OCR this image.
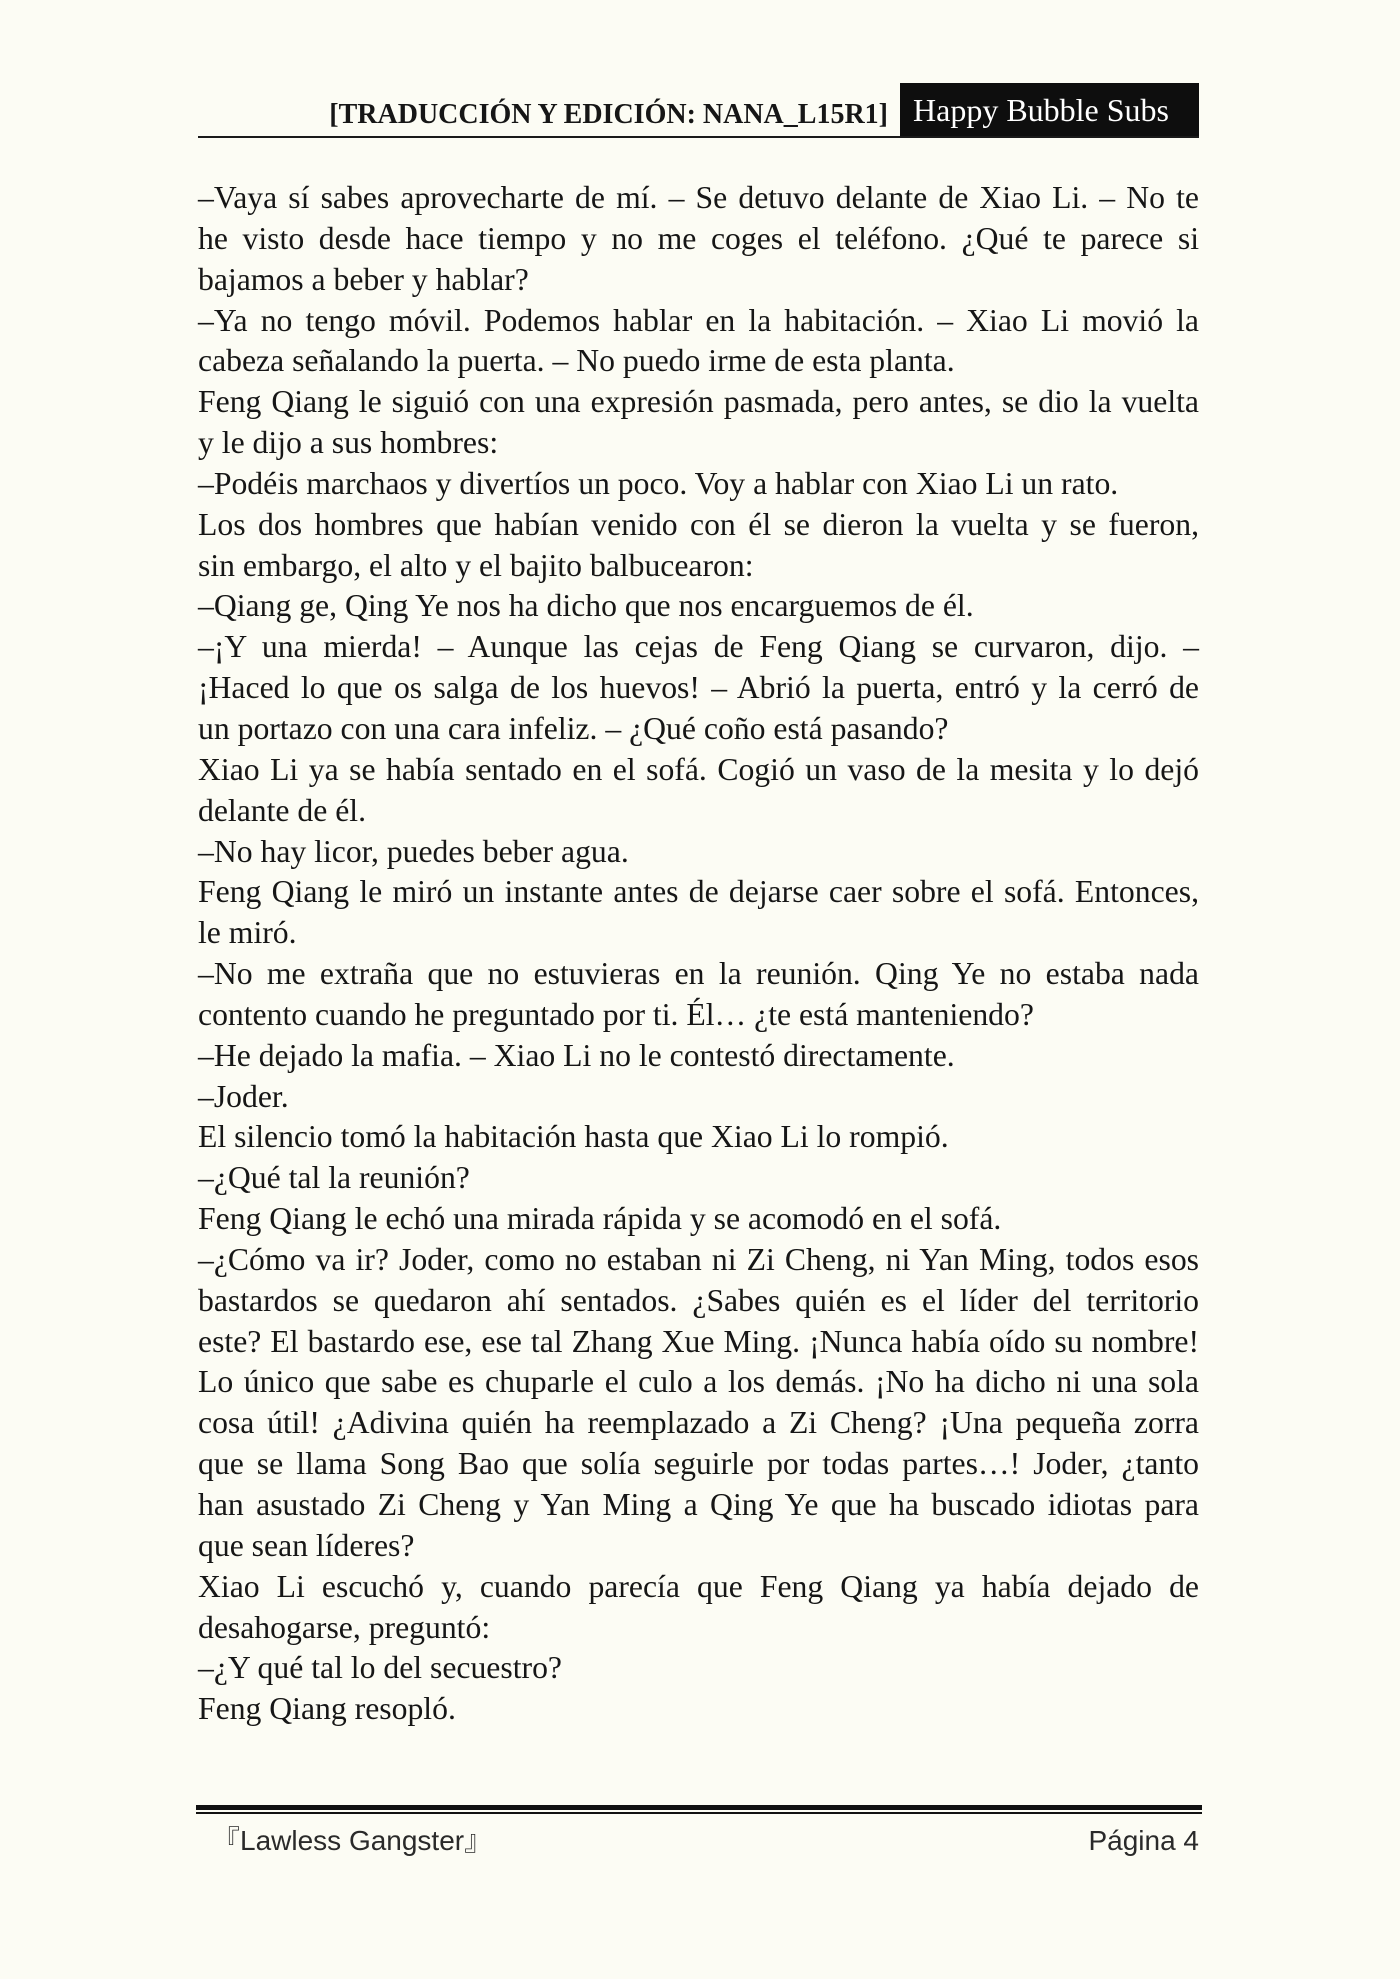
[TRADUCCIÓN Y EDICIÓN: NANA_L15R1] Happy Bubble Subs
–Vaya sí sabes aprovecharte de mí. – Se detuvo delante de Xiao Li. – No te
he visto desde hace tiempo y no me coges el teléfono. ¿Qué te parece si
bajamos a beber y hablar?
–Ya no tengo móvil. Podemos hablar en la habitación. – Xiao Li movió la
cabeza señalando la puerta. – No puedo irme de esta planta.
Feng Qiang le siguió con una expresión pasmada, pero antes, se dio la vuelta
y le dijo a sus hombres:
–Podéis marchaos y divertíos un poco. Voy a hablar con Xiao Li un rato.
Los dos hombres que habían venido con él se dieron la vuelta y se fueron,
sin embargo, el alto y el bajito balbucearon:
–Qiang ge, Qing Ye nos ha dicho que nos encarguemos de él.
–¡Y una mierda! – Aunque las cejas de Feng Qiang se curvaron, dijo. –
¡Haced lo que os salga de los huevos! – Abrió la puerta, entró y la cerró de
un portazo con una cara infeliz. – ¿Qué coño está pasando?
Xiao Li ya se había sentado en el sofá. Cogió un vaso de la mesita y lo dejó
delante de él.
–No hay licor, puedes beber agua.
Feng Qiang le miró un instante antes de dejarse caer sobre el sofá. Entonces,
le miró.
–No me extraña que no estuvieras en la reunión. Qing Ye no estaba nada
contento cuando he preguntado por ti. Él… ¿te está manteniendo?
–He dejado la mafia. – Xiao Li no le contestó directamente.
–Joder.
El silencio tomó la habitación hasta que Xiao Li lo rompió.
–¿Qué tal la reunión?
Feng Qiang le echó una mirada rápida y se acomodó en el sofá.
–¿Cómo va ir? Joder, como no estaban ni Zi Cheng, ni Yan Ming, todos esos
bastardos se quedaron ahí sentados. ¿Sabes quién es el líder del territorio
este? El bastardo ese, ese tal Zhang Xue Ming. ¡Nunca había oído su nombre!
Lo único que sabe es chuparle el culo a los demás. ¡No ha dicho ni una sola
cosa útil! ¿Adivina quién ha reemplazado a Zi Cheng? ¡Una pequeña zorra
que se llama Song Bao que solía seguirle por todas partes…! Joder, ¿tanto
han asustado Zi Cheng y Yan Ming a Qing Ye que ha buscado idiotas para
que sean líderes?
Xiao Li escuchó y, cuando parecía que Feng Qiang ya había dejado de
desahogarse, preguntó:
–¿Y qué tal lo del secuestro?
Feng Qiang resopló.
『Lawless Gangster』	Página 4
